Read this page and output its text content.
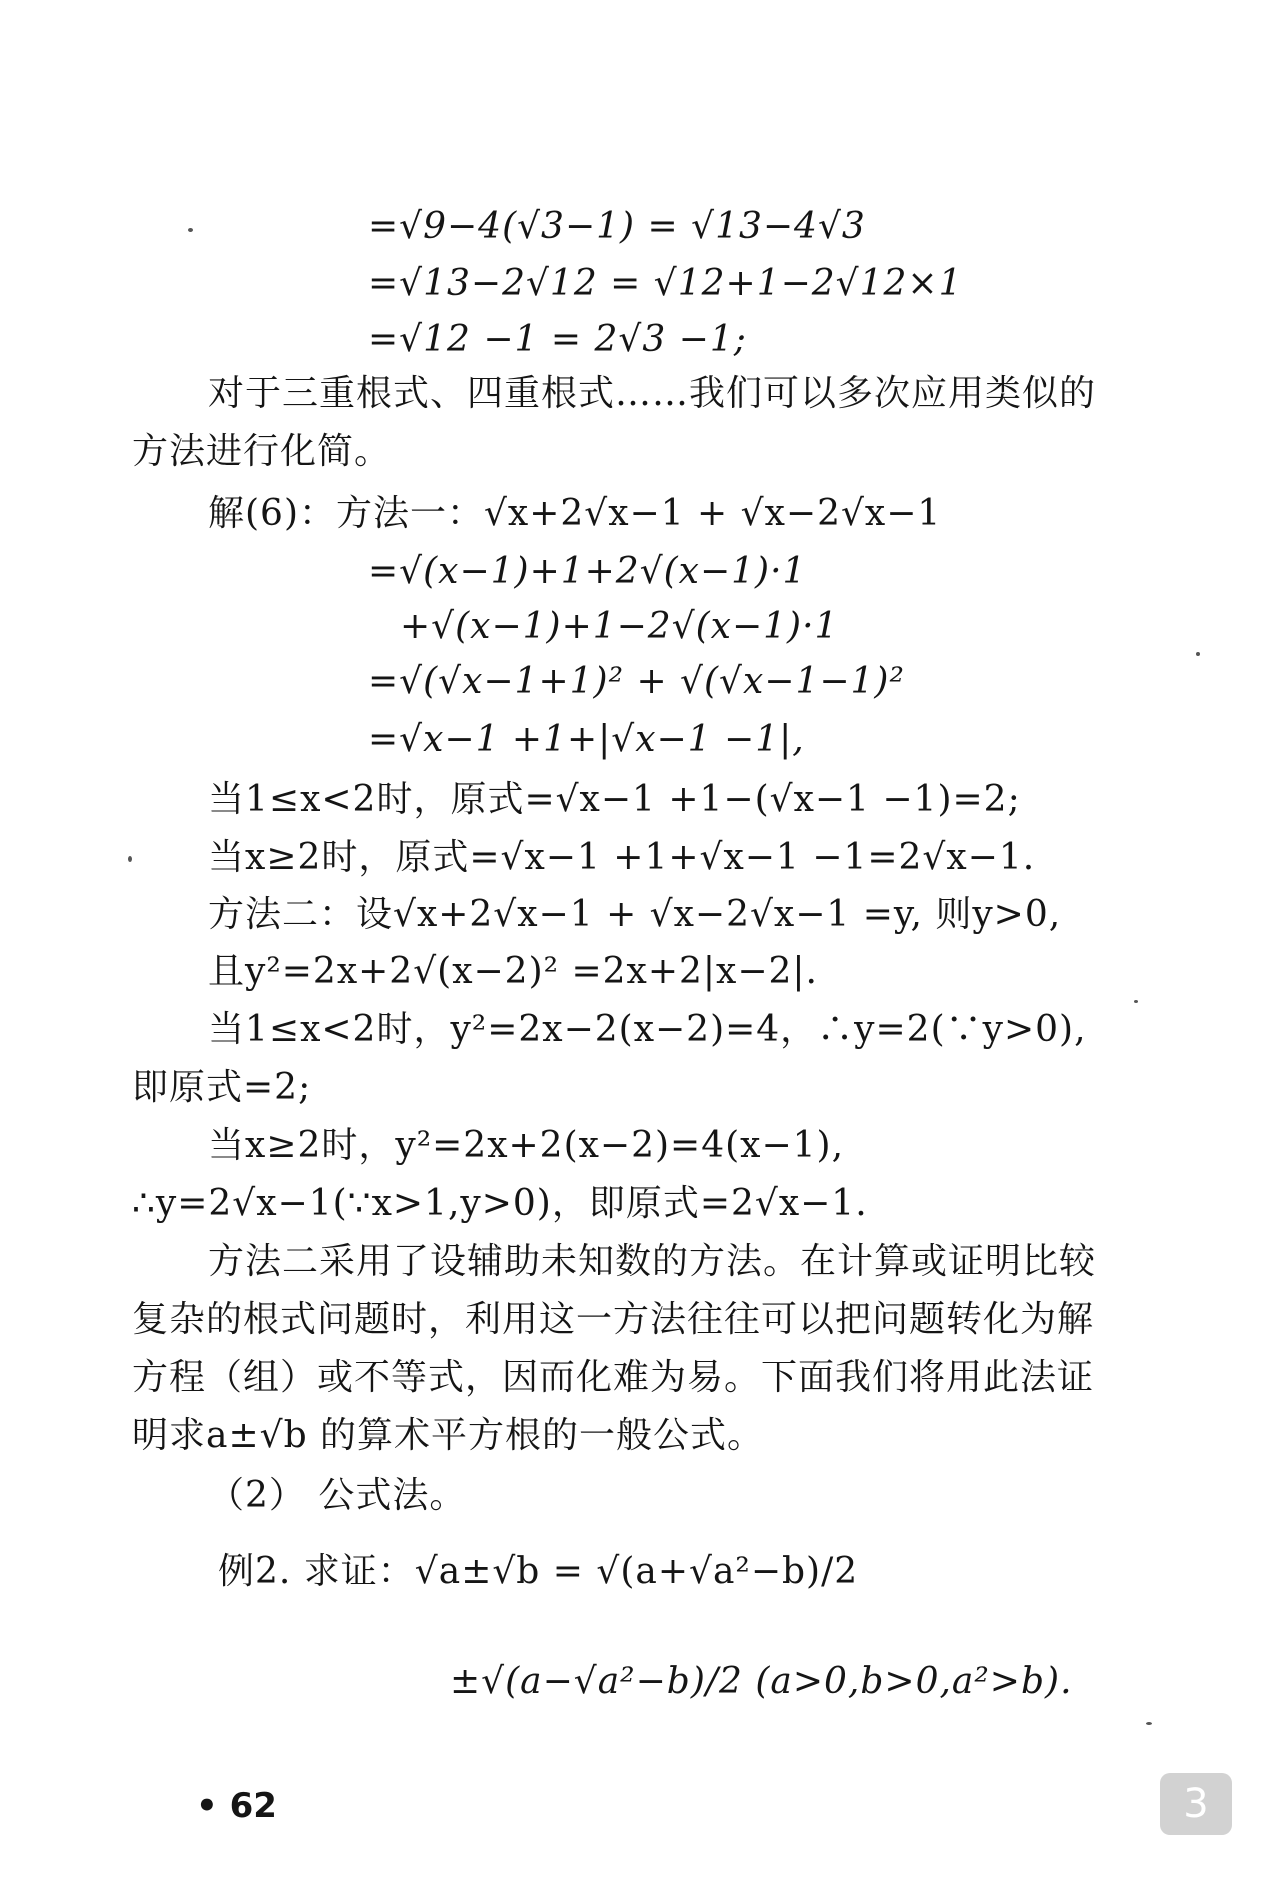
=√9−4(√3−1) = √13−4√3
=√13−2√12 = √12+1−2√12×1
=√12 −1 = 2√3 −1;
对于三重根式、四重根式……我们可以多次应用类似的
方法进行化简。
解(6)：方法一：√x+2√x−1 + √x−2√x−1
=√(x−1)+1+2√(x−1)·1
+√(x−1)+1−2√(x−1)·1
=√(√x−1+1)² + √(√x−1−1)²
=√x−1 +1+|√x−1 −1|,
当1≤x<2时，原式=√x−1 +1−(√x−1 −1)=2;
当x≥2时，原式=√x−1 +1+√x−1 −1=2√x−1.
方法二：设√x+2√x−1 + √x−2√x−1 =y, 则y>0,
且y²=2x+2√(x−2)² =2x+2|x−2|.
当1≤x<2时，y²=2x−2(x−2)=4，∴y=2(∵y>0),
即原式=2;
当x≥2时，y²=2x+2(x−2)=4(x−1),
∴y=2√x−1(∵x>1,y>0)，即原式=2√x−1.
方法二采用了设辅助未知数的方法。在计算或证明比较
复杂的根式问题时，利用这一方法往往可以把问题转化为解
方程（组）或不等式，因而化难为易。下面我们将用此法证
明求a±√b 的算术平方根的一般公式。
（2） 公式法。
例2. 求证：√a±√b = √(a+√a²−b)/2
±√(a−√a²−b)/2 (a>0,b>0,a²>b).
• 62	3
